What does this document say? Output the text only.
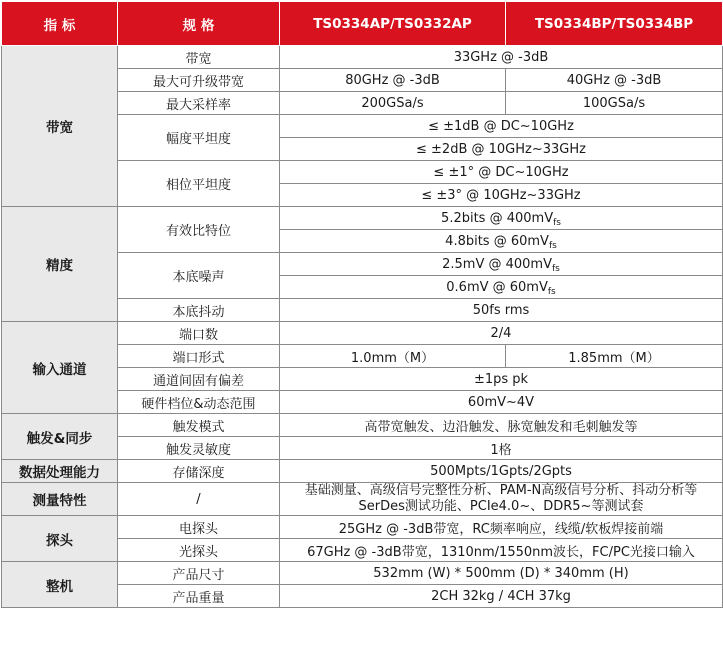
指 标	规 格	TS0334AP/TS0332AP	TS0334BP/TS0334BP
带宽	带宽	33GHz @ -3dB	
	最大可升级带宽	80GHz @ -3dB	40GHz @ -3dB
	最大采样率	200GSa/s	100GSa/s
	幅度平坦度	≤ ±1dB @ DC~10GHz	
		≤ ±2dB @ 10GHz~33GHz	
	相位平坦度	≤ ±1° @ DC~10GHz	
		≤ ±3° @ 10GHz~33GHz	
精度	有效比特位	5.2bits @ $400mV_{fs}$
		4.8bits @ $60mV_{fs}$
	本底噪声	2.5mV @ $400mV_{fs}$
		0.6mV @ $60mV_{fs}$
	本底抖动	50fs rms	
输入通道	端口数	2/4	
	端口形式	1.0mm（M）	1.85mm（M）
	通道间固有偏差	±1ps pk	
	硬件档位&动态范围	60mV~4V	
触发&同步	触发模式	高带宽触发、边沿触发、脉宽触发和毛刺触发等	
	触发灵敏度	1格	
数据处理能力	存储深度	500Mpts/1Gpts/2Gpts	
测量特性	/	基础测量、高级信号完整性分析、PAM-N高级信号分析、抖动分析等SerDes测试功能、PCIe4.0~、DDR5~等测试套	
探头	电探头	25GHz @ -3dB带宽，RC频率响应，线缆/软板焊接前端	
	光探头	67GHz @ -3dB带宽，1310nm/1550nm波长，FC/PC光接口输入	
整机	产品尺寸	532mm (W) * 500mm (D) * 340mm (H)	
	产品重量	2CH 32kg / 4CH 37kg	
